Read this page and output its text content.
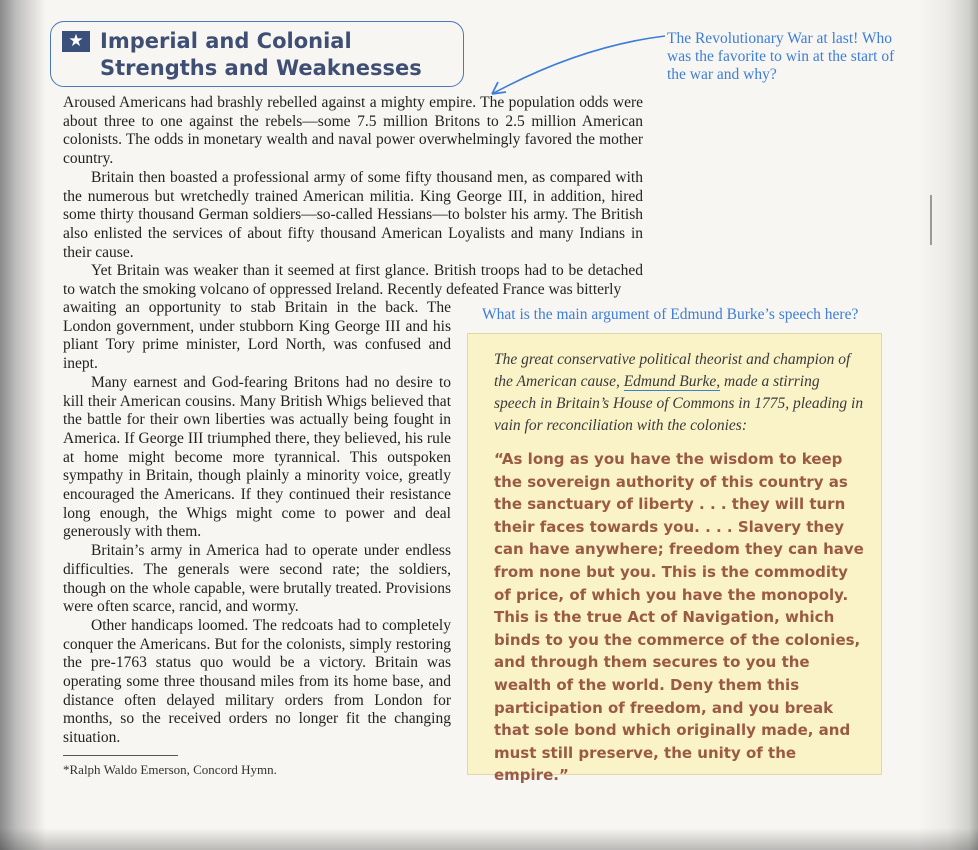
★ Imperial and Colonial Strengths and Weaknesses
The Revolutionary War at last! Who was the favorite to win at the start of the war and why?
What is the main argument of Edmund Burke’s speech here?

Aroused Americans had brashly rebelled against a mighty empire. The population odds were about three to one against the rebels—some 7.5 million Britons to 2.5 million American colonists. The odds in monetary wealth and naval power overwhelmingly favored the mother country.

Britain then boasted a professional army of some fifty thousand men, as compared with the numerous but wretchedly trained American militia. King George III, in addition, hired some thirty thousand German soldiers—so-called Hessians—to bolster his army. The British also enlisted the services of about fifty thousand American Loyalists and many Indians in their cause.

Yet Britain was weaker than it seemed at first glance. British troops had to be detached to watch the smoking volcano of oppressed Ireland. Recently defeated France was bitterly

awaiting an opportunity to stab Britain in the back. The London government, under stubborn King George III and his pliant Tory prime minister, Lord North, was confused and inept.

Many earnest and God-fearing Britons had no desire to kill their American cousins. Many British Whigs believed that the battle for their own liberties was actually being fought in America. If George III triumphed there, they believed, his rule at home might become more tyrannical. This outspoken sympathy in Britain, though plainly a minority voice, greatly encouraged the Americans. If they continued their resistance long enough, the Whigs might come to power and deal generously with them.

Britain’s army in America had to operate under endless difficulties. The generals were second rate; the soldiers, though on the whole capable, were brutally treated. Provisions were often scarce, rancid, and wormy.

Other handicaps loomed. The redcoats had to completely conquer the Americans. But for the colonists, simply restoring the pre-1763 status quo would be a victory. Britain was operating some three thousand miles from its home base, and distance often delayed military orders from London for months, so the received orders no longer fit the changing situation.

*Ralph Waldo Emerson, Concord Hymn.

The great conservative political theorist and champion of the American cause, Edmund Burke, made a stirring speech in Britain’s House of Commons in 1775, pleading in vain for reconciliation with the colonies:

“As long as you have the wisdom to keep the sovereign authority of this country as the sanctuary of liberty . . . they will turn their faces towards you. . . . Slavery they can have anywhere; freedom they can have from none but you. This is the commodity of price, of which you have the monopoly. This is the true Act of Navigation, which binds to you the commerce of the colonies, and through them secures to you the wealth of the world. Deny them this participation of freedom, and you break that sole bond which originally made, and must still preserve, the unity of the empire.”
